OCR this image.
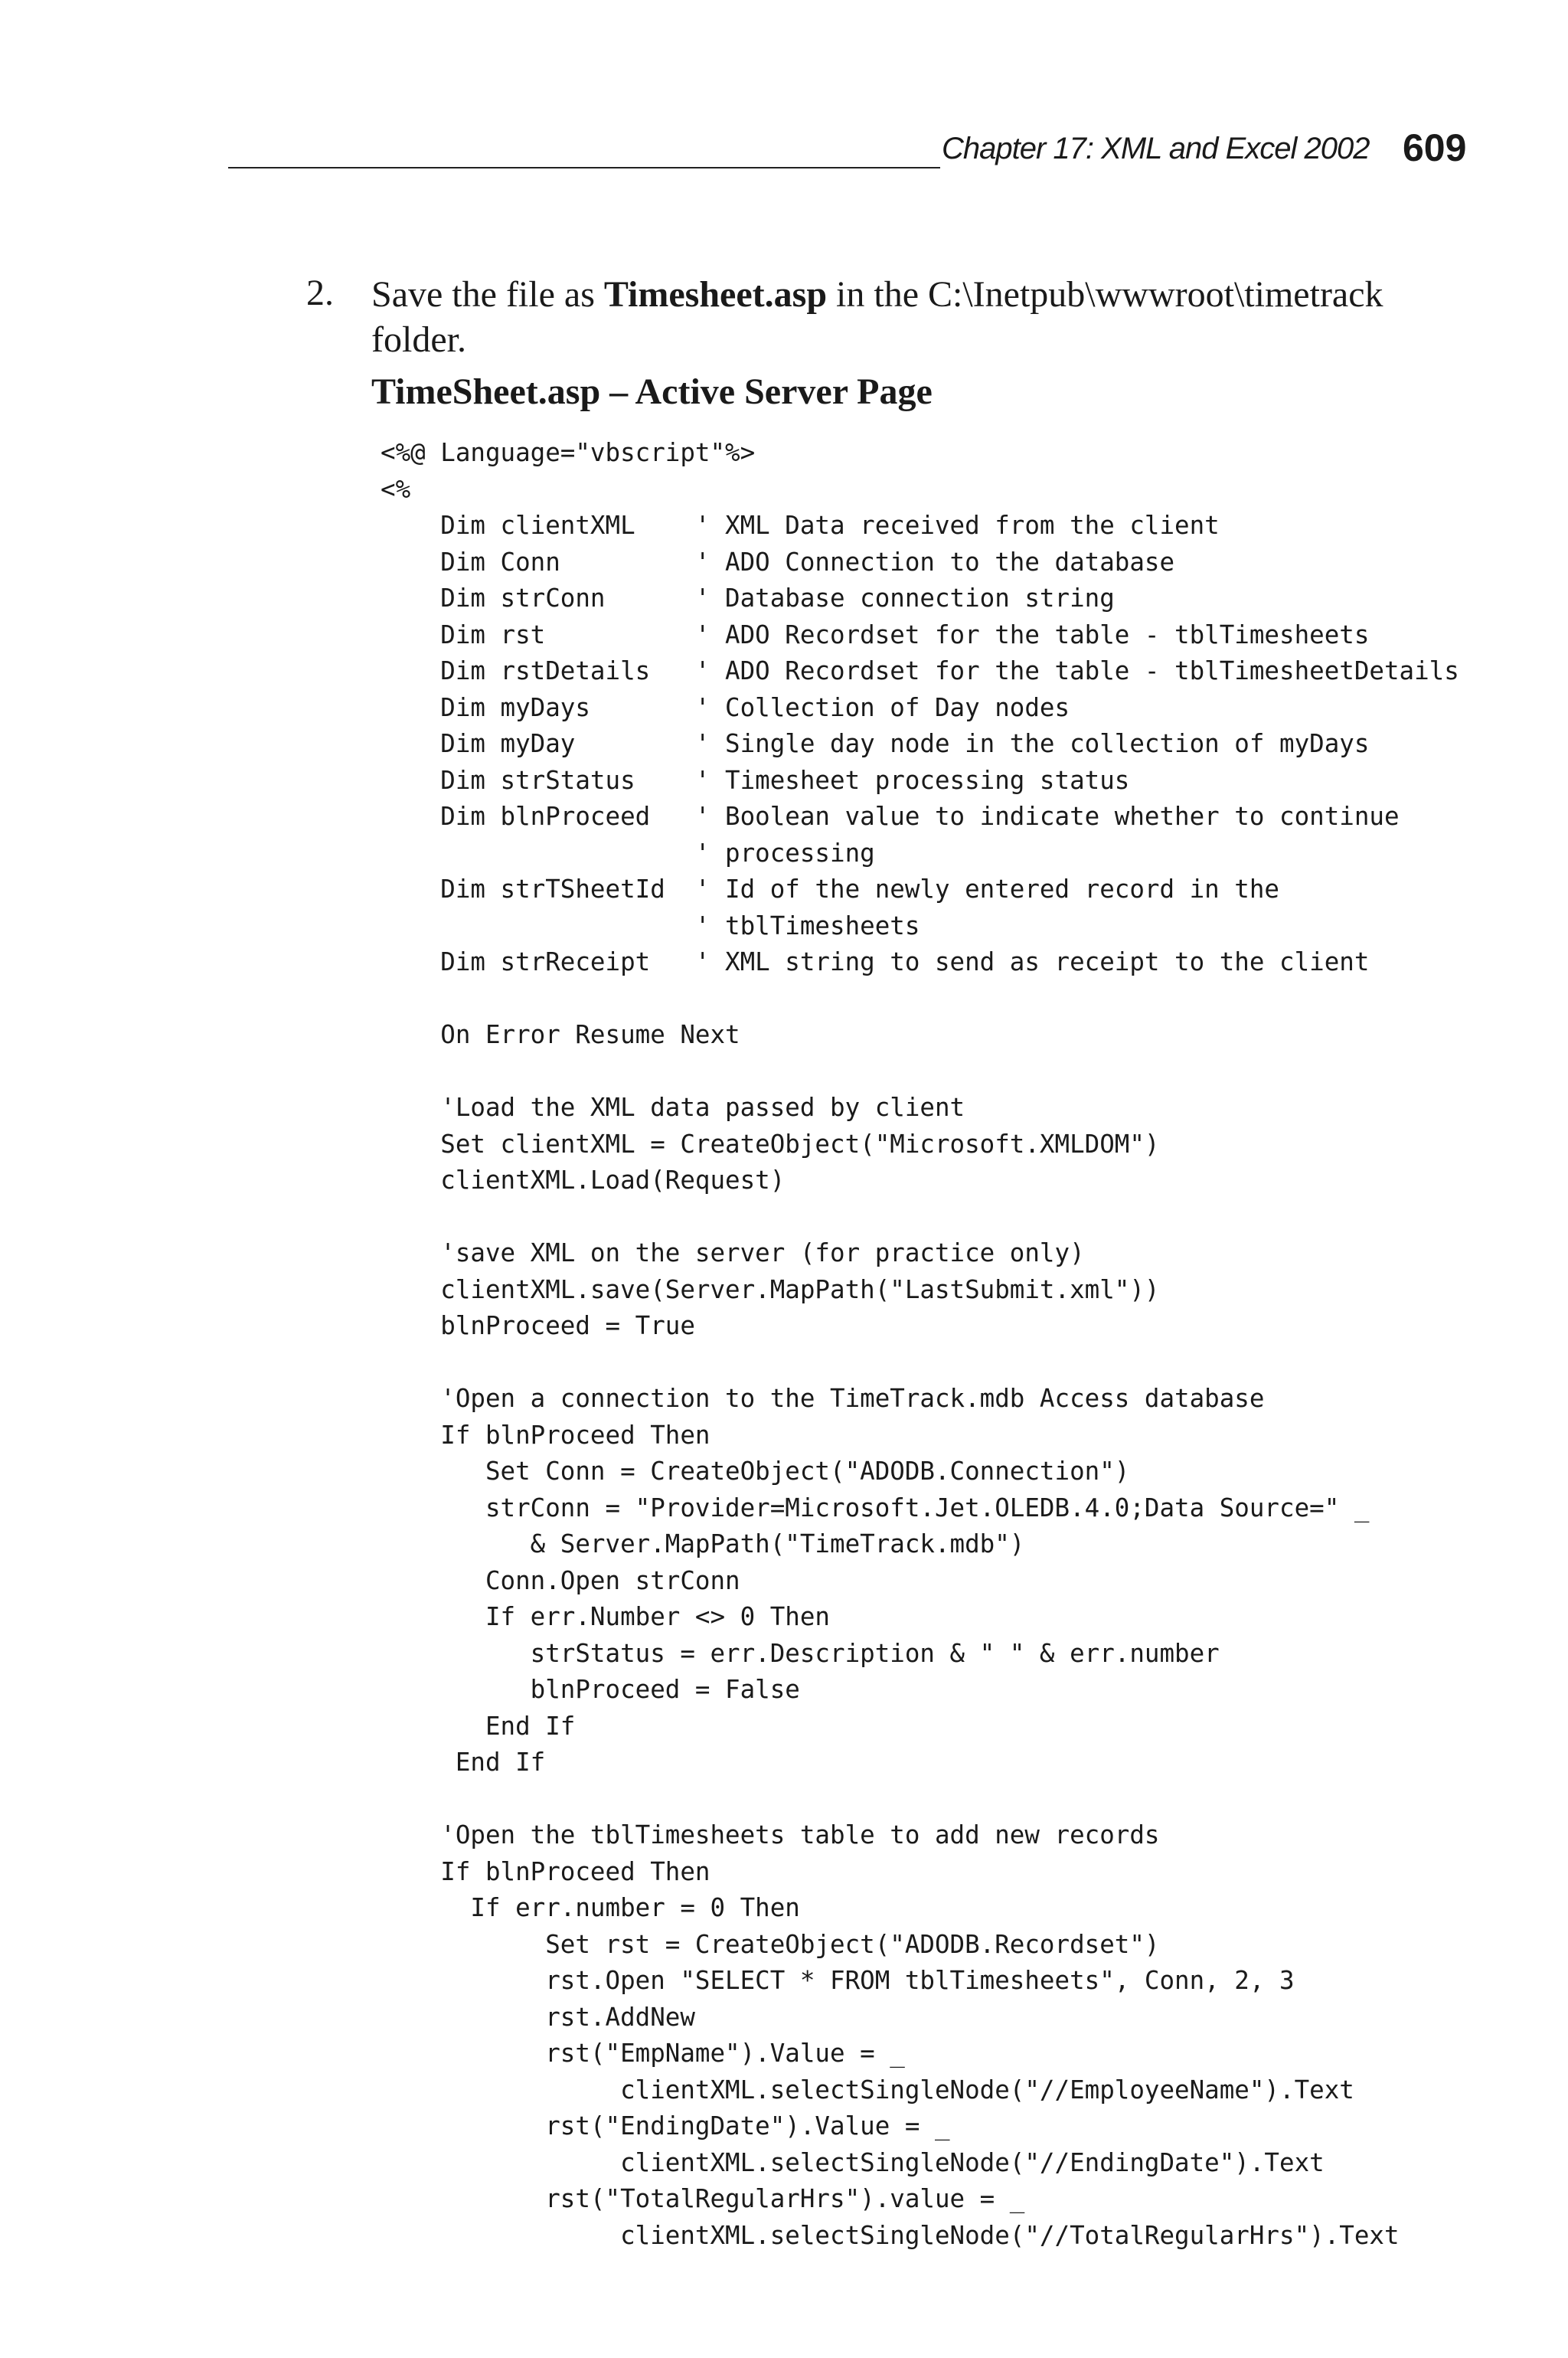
Chapter 17: XML and Excel 2002 609
2. Save the file as Timesheet.asp in the C:\Inetpub\wwwroot\timetrack folder.
TimeSheet.asp – Active Server Page
<%@ Language="vbscript"%>
<%
Dim clientXML    ' XML Data received from the client
Dim Conn         ' ADO Connection to the database
Dim strConn      ' Database connection string
Dim rst          ' ADO Recordset for the table - tblTimesheets
Dim rstDetails   ' ADO Recordset for the table - tblTimesheetDetails
Dim myDays       ' Collection of Day nodes
Dim myDay        ' Single day node in the collection of myDays
Dim strStatus    ' Timesheet processing status
Dim blnProceed   ' Boolean value to indicate whether to continue
' processing
Dim strTSheetId  ' Id of the newly entered record in the
' tblTimesheets
Dim strReceipt   ' XML string to send as receipt to the client
On Error Resume Next
'Load the XML data passed by client
Set clientXML = CreateObject("Microsoft.XMLDOM")
clientXML.Load(Request)
'save XML on the server (for practice only)
clientXML.save(Server.MapPath("LastSubmit.xml"))
blnProceed = True
'Open a connection to the TimeTrack.mdb Access database
If blnProceed Then
Set Conn = CreateObject("ADODB.Connection")
strConn = "Provider=Microsoft.Jet.OLEDB.4.0;Data Source=" _
& Server.MapPath("TimeTrack.mdb")
Conn.Open strConn
If err.Number <> 0 Then
strStatus = err.Description & " " & err.number
blnProceed = False
End If
End If
'Open the tblTimesheets table to add new records
If blnProceed Then
If err.number = 0 Then
Set rst = CreateObject("ADODB.Recordset")
rst.Open "SELECT * FROM tblTimesheets", Conn, 2, 3
rst.AddNew
rst("EmpName").Value = _
clientXML.selectSingleNode("//EmployeeName").Text
rst("EndingDate").Value = _
clientXML.selectSingleNode("//EndingDate").Text
rst("TotalRegularHrs").value = _
clientXML.selectSingleNode("//TotalRegularHrs").Text
